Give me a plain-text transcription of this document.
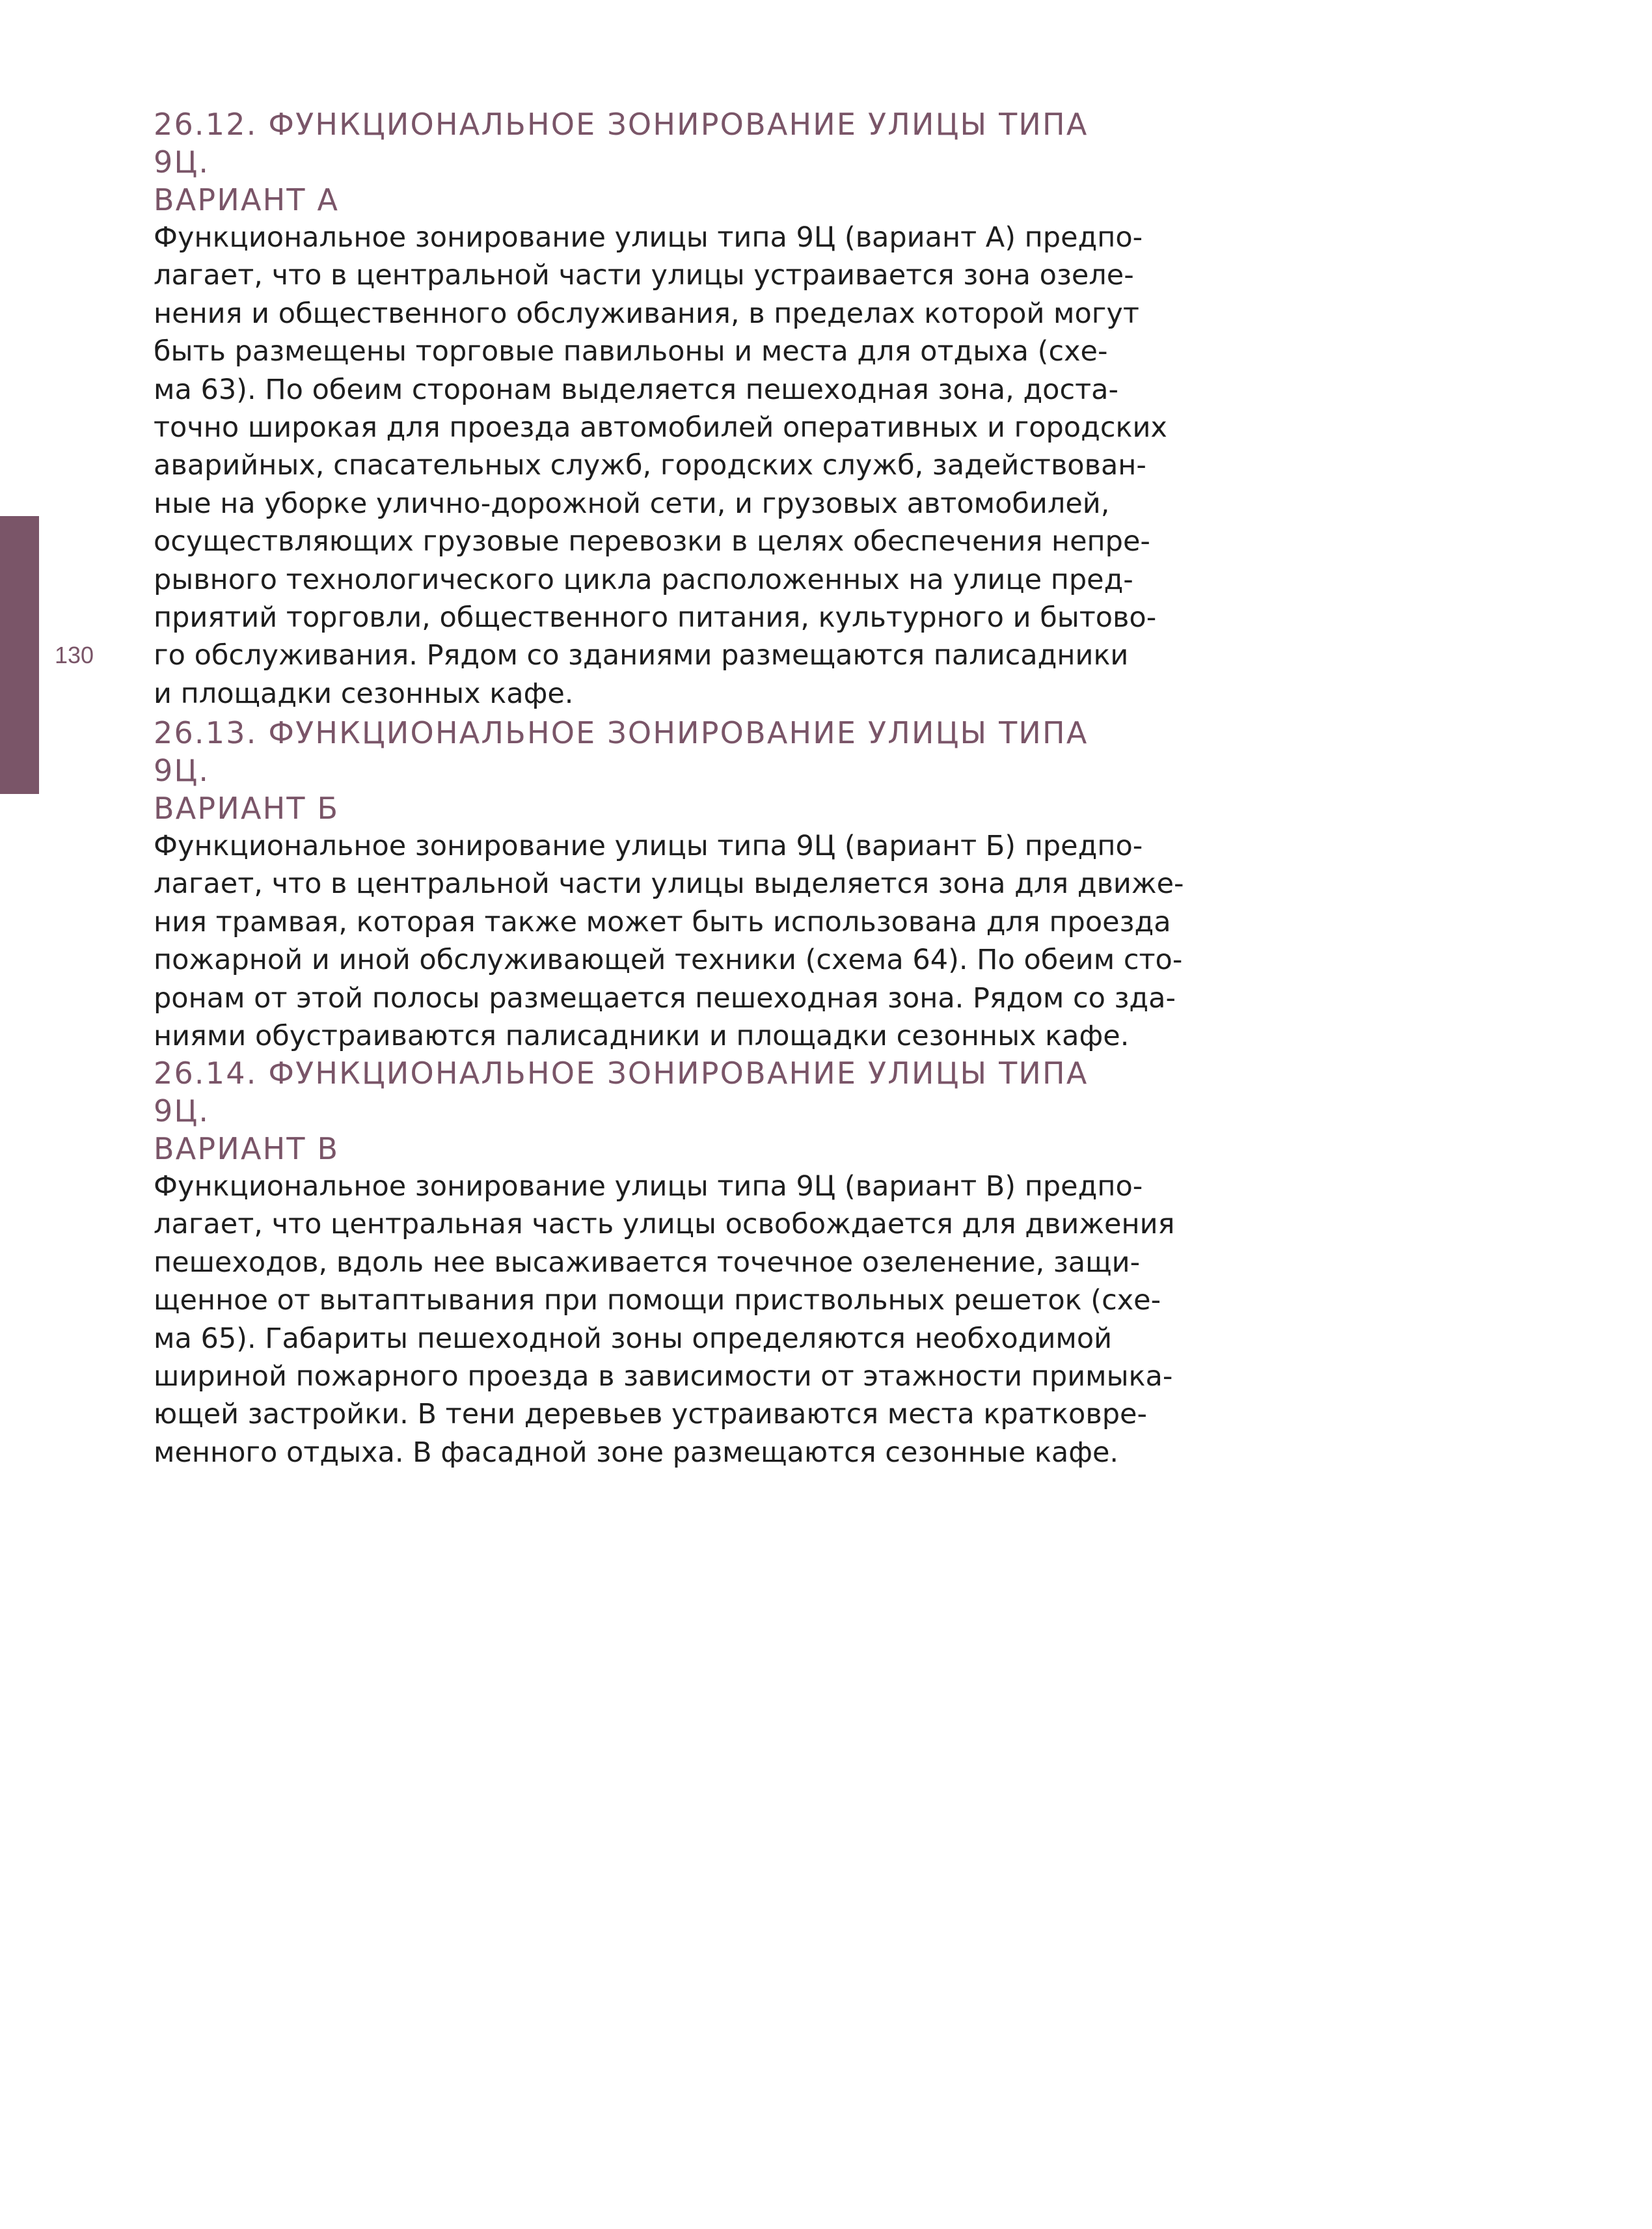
130
26.12. ФУНКЦИОНАЛЬНОЕ ЗОНИРОВАНИЕ УЛИЦЫ ТИПА 9Ц.
ВАРИАНТ А
Функциональное зонирование улицы типа 9Ц (вариант А) предпо-
лагает, что в центральной части улицы устраивается зона озеле-
нения и общественного обслуживания, в пределах которой могут
быть размещены торговые павильоны и места для отдыха (схе-
ма 63). По обеим сторонам выделяется пешеходная зона, доста-
точно широкая для проезда автомобилей оперативных и городских
аварийных, спасательных служб, городских служб, задействован-
ные на уборке улично-дорожной сети, и грузовых автомобилей,
осуществляющих грузовые перевозки в целях обеспечения непре-
рывного технологического цикла расположенных на улице пред-
приятий торговли, общественного питания, культурного и бытово-
го обслуживания. Рядом со зданиями размещаются палисадники
и площадки сезонных кафе.
26.13. ФУНКЦИОНАЛЬНОЕ ЗОНИРОВАНИЕ УЛИЦЫ ТИПА 9Ц.
ВАРИАНТ Б
Функциональное зонирование улицы типа 9Ц (вариант Б) предпо-
лагает, что в центральной части улицы выделяется зона для движе-
ния трамвая, которая также может быть использована для проезда
пожарной и иной обслуживающей техники (схема 64). По обеим сто-
ронам от этой полосы размещается пешеходная зона. Рядом со зда-
ниями обустраиваются палисадники и площадки сезонных кафе.
26.14. ФУНКЦИОНАЛЬНОЕ ЗОНИРОВАНИЕ УЛИЦЫ ТИПА 9Ц.
ВАРИАНТ В
Функциональное зонирование улицы типа 9Ц (вариант В) предпо-
лагает, что центральная часть улицы освобождается для движения
пешеходов, вдоль нее высаживается точечное озеленение, защи-
щенное от вытаптывания при помощи приствольных решеток (схе-
ма 65). Габариты пешеходной зоны определяются необходимой
шириной пожарного проезда в зависимости от этажности примыка-
ющей застройки. В тени деревьев устраиваются места кратковре-
менного отдыха. В фасадной зоне размещаются сезонные кафе.
